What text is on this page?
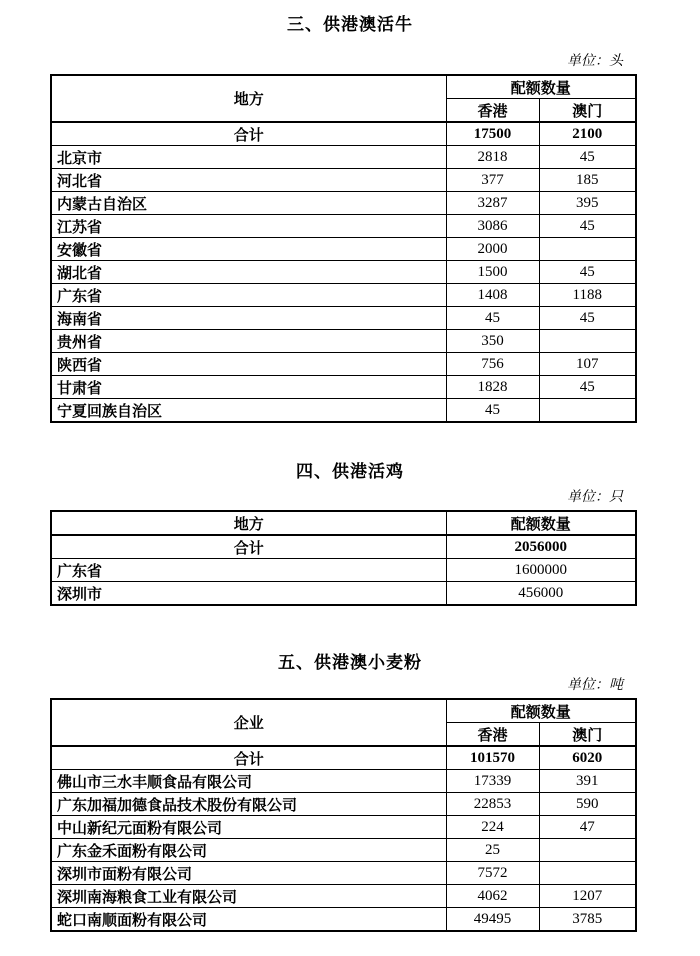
三、供港澳活牛
单位：头
地方	配额数量	
	香港	澳门
合计	17500	2100
北京市	2818	45
河北省	377	185
内蒙古自治区	3287	395
江苏省	3086	45
安徽省	2000	
湖北省	1500	45
广东省	1408	1188
海南省	45	45
贵州省	350	
陕西省	756	107
甘肃省	1828	45
宁夏回族自治区	45	
四、供港活鸡
单位：只
地方	配额数量
合计	2056000
广东省	1600000
深圳市	456000
五、供港澳小麦粉
单位：吨
企业	配额数量	
	香港	澳门
合计	101570	6020
佛山市三水丰顺食品有限公司	17339	391
广东加福加德食品技术股份有限公司	22853	590
中山新纪元面粉有限公司	224	47
广东金禾面粉有限公司	25	
深圳市面粉有限公司	7572	
深圳南海粮食工业有限公司	4062	1207
蛇口南顺面粉有限公司	49495	3785
